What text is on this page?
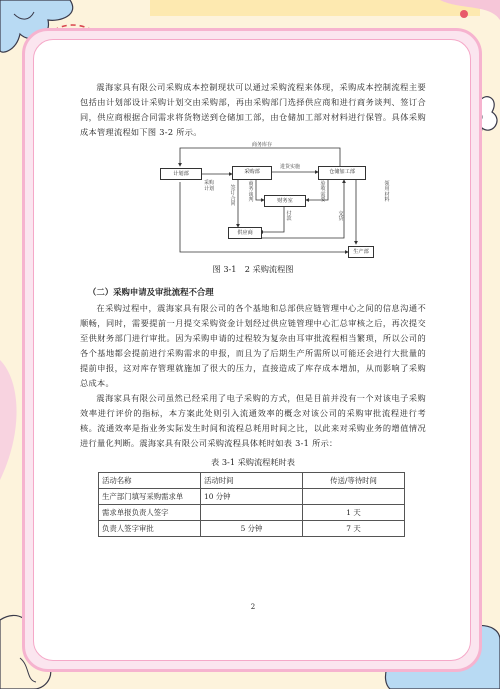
震海家具有限公司采购成本控制现状可以通过采购流程来体现，采购成本控制流程主要包括由计划部设计采购计划交由采购部，再由采购部门选择供应商和进行商务谈判、签订合同，供应商根据合同需求将货物送到仓储加工部，由仓储加工部对材料进行保管。具体采购成本管理流程如下图 3-2 所示。

计划部	采购部	仓储加工部
财务室
供应商
生产部
商务库存
采购
计划
进货实施
签订合同
商务谈判
验收需要
付款
交货
领用材料
图 3-1　2 采购流程图
（二）采购申请及审批流程不合理

在采购过程中，震海家具有限公司的各个基地和总部供应链管理中心之间的信息沟通不顺畅，同时，需要提前一月提交采购资金计划经过供应链管理中心汇总审核之后，再次提交至供财务部门进行审批。因为采购申请的过程较为复杂由耳审批流程相当繁琐，所以公司的各个基地都会提前进行采购需求的申报，而且为了后期生产所需所以可能还会进行大批量的提前申报，这对库存管理就施加了很大的压力，直接造成了库存成本增加，从而影响了采购总成本。

震海家具有限公司虽然已经采用了电子采购的方式，但是目前并没有一个对该电子采购效率进行评价的指标，本方案此处则引入流通效率的概念对该公司的采购审批流程进行考核。流通效率是指业务实际发生时间和流程总耗用时间之比，以此来对采购业务的增值情况进行量化判断。震海家具有限公司采购流程具体耗时如表 3-1 所示：

表 3-1 采购流程耗时表
活动名称	活动时间	传送/等待时间
生产部门填写采购需求单	10 分钟	
需求单报负责人签字		1 天
负责人签字审批	5 分钟	7 天
2
